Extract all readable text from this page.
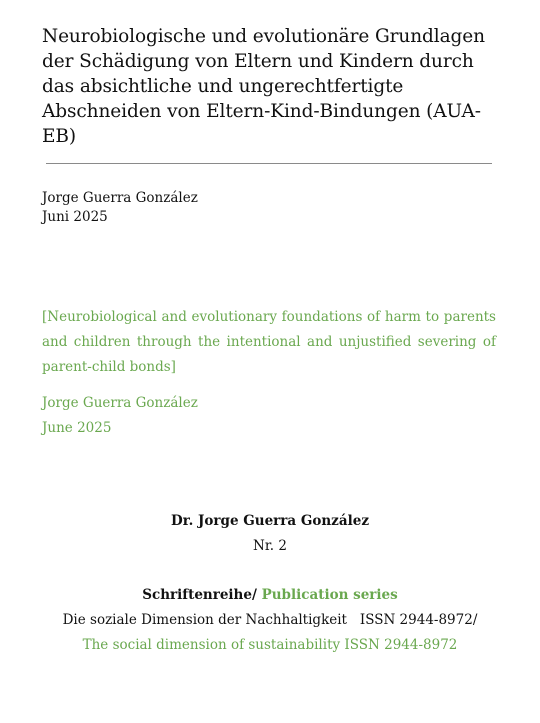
Neurobiologische und evolutionäre Grundlagen der Schädigung von Eltern und Kindern durch das absichtliche und ungerechtfertigte Abschneiden von Eltern-Kind-Bindungen (AUA-EB)
Jorge Guerra González
Juni 2025

[Neurobiological and evolutionary foundations of harm to parents and children through the intentional and unjustified severing of parent-child bonds]

Jorge Guerra González
June 2025
Dr. Jorge Guerra González
Nr. 2
Schriftenreihe/ Publication series
Die soziale Dimension der Nachhaltigkeit   ISSN 2944-8972/
The social dimension of sustainability ISSN 2944-8972
